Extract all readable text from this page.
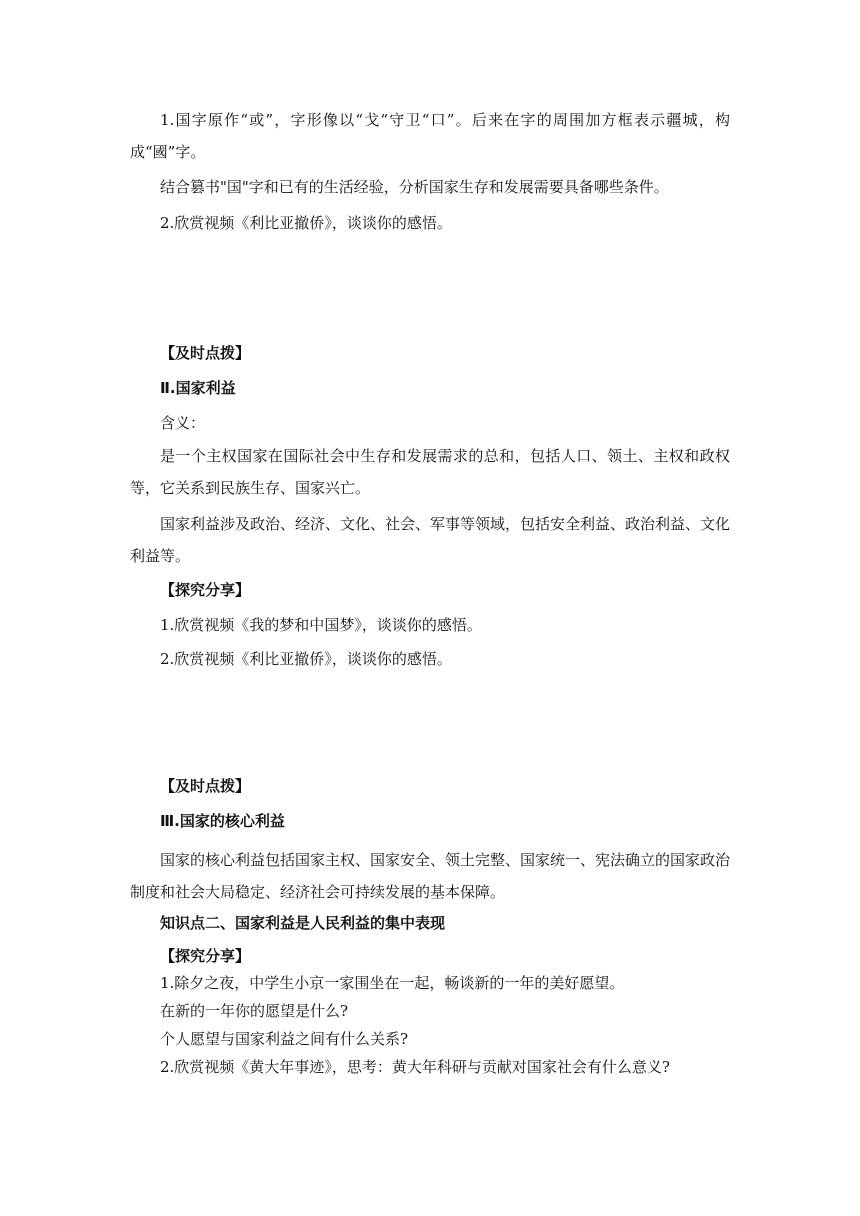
1.国字原作“或”，字形像以“戈“守卫“口”。后来在字的周围加方框表示疆城，构成“國”字。
结合篡书"国"字和已有的生活经验，分析国家生存和发展需要具备哪些条件。
2.欣赏视频《利比亚撤侨》，谈谈你的感悟。
【及时点拨】
Ⅱ.国家利益
含义：
是一个主权国家在国际社会中生存和发展需求的总和，包括人口、领土、主权和政权等，它关系到民族生存、国家兴亡。
国家利益涉及政治、经济、文化、社会、军事等领域，包括安全利益、政治利益、文化利益等。
【探究分享】
1.欣赏视频《我的梦和中国梦》，谈谈你的感悟。
2.欣赏视频《利比亚撤侨》，谈谈你的感悟。
【及时点拨】
Ⅲ.国家的核心利益
国家的核心利益包括国家主权、国家安全、领土完整、国家统一、宪法确立的国家政治制度和社会大局稳定、经济社会可持续发展的基本保障。
知识点二、国家利益是人民利益的集中表现
【探究分享】
1.除夕之夜，中学生小京一家围坐在一起，畅谈新的一年的美好愿望。
在新的一年你的愿望是什么?
个人愿望与国家利益之间有什么关系?
2.欣赏视频《黄大年事迹》，思考：黄大年科研与贡献对国家社会有什么意义?
